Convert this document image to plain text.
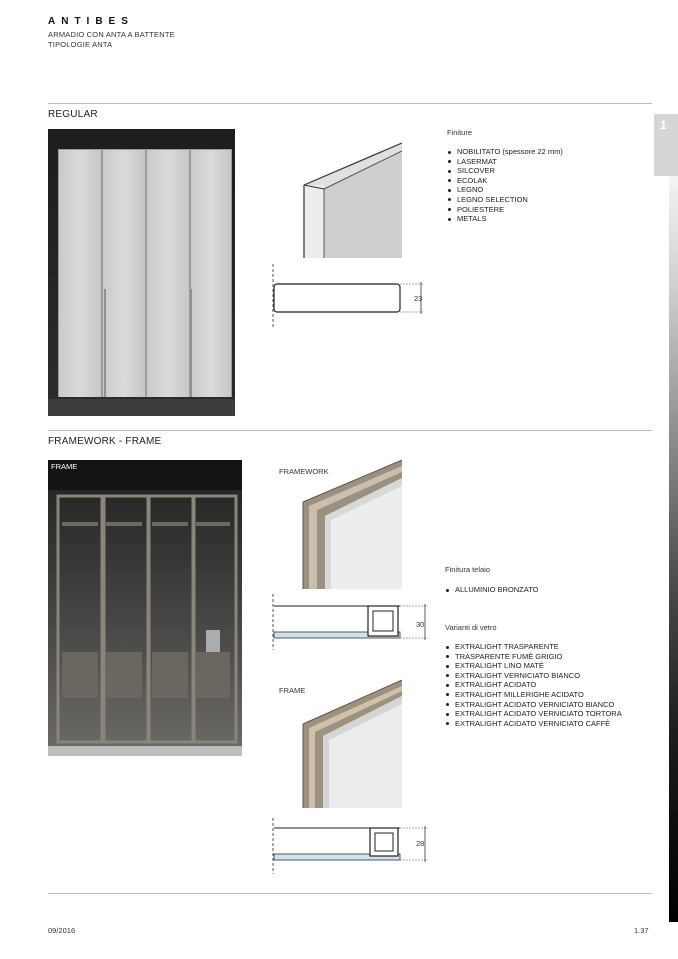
ANTIBES
ARMADIO CON ANTA A BATTENTE
TIPOLOGIE ANTA
1
REGULAR
23
Finiture
NOBILITATO (spessore 22 mm)
LASERMAT
SILCOVER
ECOLAK
LEGNO
LEGNO SELECTION
POLIESTERE
METALS
FRAMEWORK - FRAME
FRAME
FRAMEWORK
30
FRAME
28
Finitura telaio
ALLUMINIO BRONZATO
Varianti di vetro
EXTRALIGHT TRASPARENTE
TRASPARENTE FUMÈ GRIGIO
EXTRALIGHT LINO MATÈ
EXTRALIGHT VERNICIATO BIANCO
EXTRALIGHT ACIDATO
EXTRALIGHT MILLERIGHE ACIDATO
EXTRALIGHT ACIDATO VERNICIATO BIANCO
EXTRALIGHT ACIDATO VERNICIATO TORTORA
EXTRALIGHT ACIDATO VERNICIATO CAFFÈ
09/2016	1.37
